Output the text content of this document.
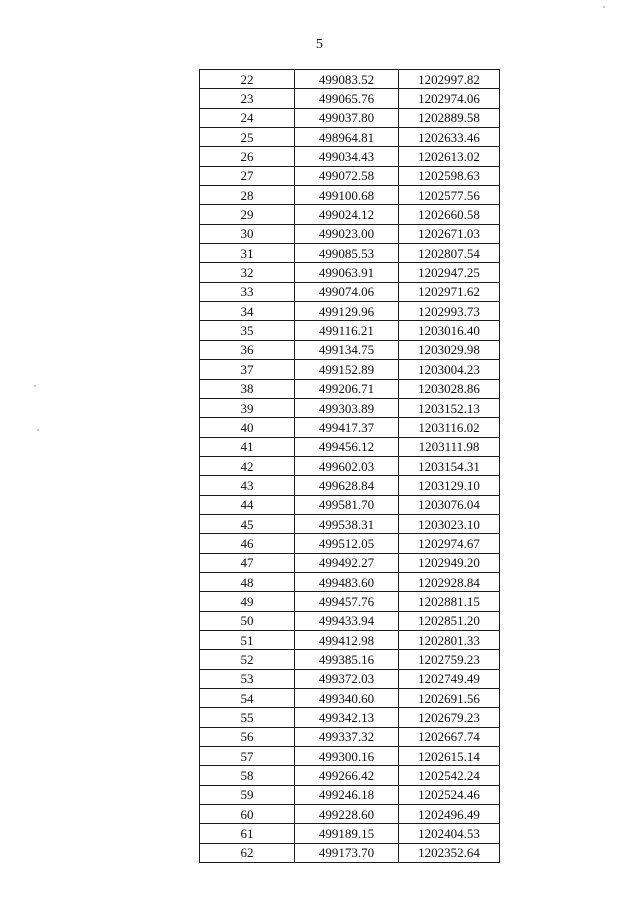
5
22	499083.52	1202997.82
23	499065.76	1202974.06
24	499037.80	1202889.58
25	498964.81	1202633.46
26	499034.43	1202613.02
27	499072.58	1202598.63
28	499100.68	1202577.56
29	499024.12	1202660.58
30	499023.00	1202671.03
31	499085.53	1202807.54
32	499063.91	1202947.25
33	499074.06	1202971.62
34	499129.96	1202993.73
35	499116.21	1203016.40
36	499134.75	1203029.98
37	499152.89	1203004.23
38	499206.71	1203028.86
39	499303.89	1203152.13
40	499417.37	1203116.02
41	499456.12	1203111.98
42	499602.03	1203154.31
43	499628.84	1203129.10
44	499581.70	1203076.04
45	499538.31	1203023.10
46	499512.05	1202974.67
47	499492.27	1202949.20
48	499483.60	1202928.84
49	499457.76	1202881.15
50	499433.94	1202851.20
51	499412.98	1202801.33
52	499385.16	1202759.23
53	499372.03	1202749.49
54	499340.60	1202691.56
55	499342.13	1202679.23
56	499337.32	1202667.74
57	499300.16	1202615.14
58	499266.42	1202542.24
59	499246.18	1202524.46
60	499228.60	1202496.49
61	499189.15	1202404.53
62	499173.70	1202352.64
